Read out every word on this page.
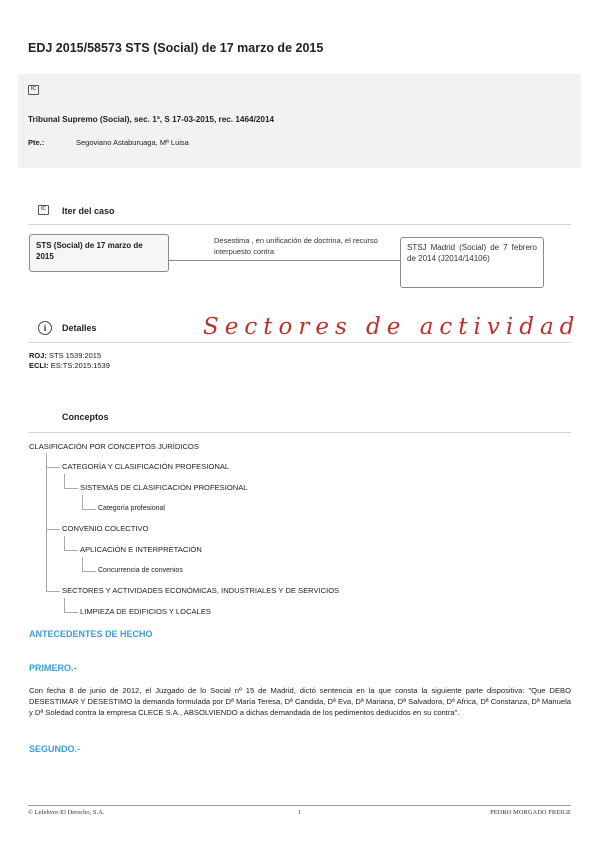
EDJ 2015/58573 STS (Social) de 17 marzo de 2015
IC
Tribunal Supremo (Social), sec. 1ª, S 17-03-2015, rec. 1464/2014
Pte.:	Segoviano Astaburuaga, Mª Luisa
IC
Iter del caso
STS (Social) de 17 marzo de 2015
Desestima , en unificación de doctrina, el recurso interpuesto contra	STSJ Madrid (Social) de 7 febrero de 2014 (J2014/14106)
i	Detalles	Sectores de actividad
ROJ: STS 1539:2015
ECLI: ES:TS:2015:1539
Conceptos
CLASIFICACIÓN POR CONCEPTOS JURÍDICOS
CATEGORÍA Y CLASIFICACIÓN PROFESIONAL
SISTEMAS DE CLASIFICACIÓN PROFESIONAL
Categoría profesional
CONVENIO COLECTIVO
APLICACIÓN E INTERPRETACIÓN
Concurrencia de convenios
SECTORES Y ACTIVIDADES ECONÓMICAS, INDUSTRIALES Y DE SERVICIOS
LIMPIEZA DE EDIFICIOS Y LOCALES
ANTECEDENTES DE HECHO
PRIMERO.-
Con fecha 8 de junio de 2012, el Juzgado de lo Social nº 15 de Madrid, dictó sentencia en la que consta la siguiente parte dispositiva: "Que DEBO DESESTIMAR Y DESESTIMO la demanda formulada por Dª María Teresa, Dª Candida, Dª Eva, Dª Mariana, Dª Salvadora, Dª Africa, Dª Constanza, Dª Manuela y Dª Soledad contra la empresa CLECE S.A., ABSOLVIENDO a dichas demandada de los pedimentos deducidos en su contra".
SEGUNDO.-
© Lefebvre-El Derecho, S.A.	1	PEDRO MORGADO FREIGE
